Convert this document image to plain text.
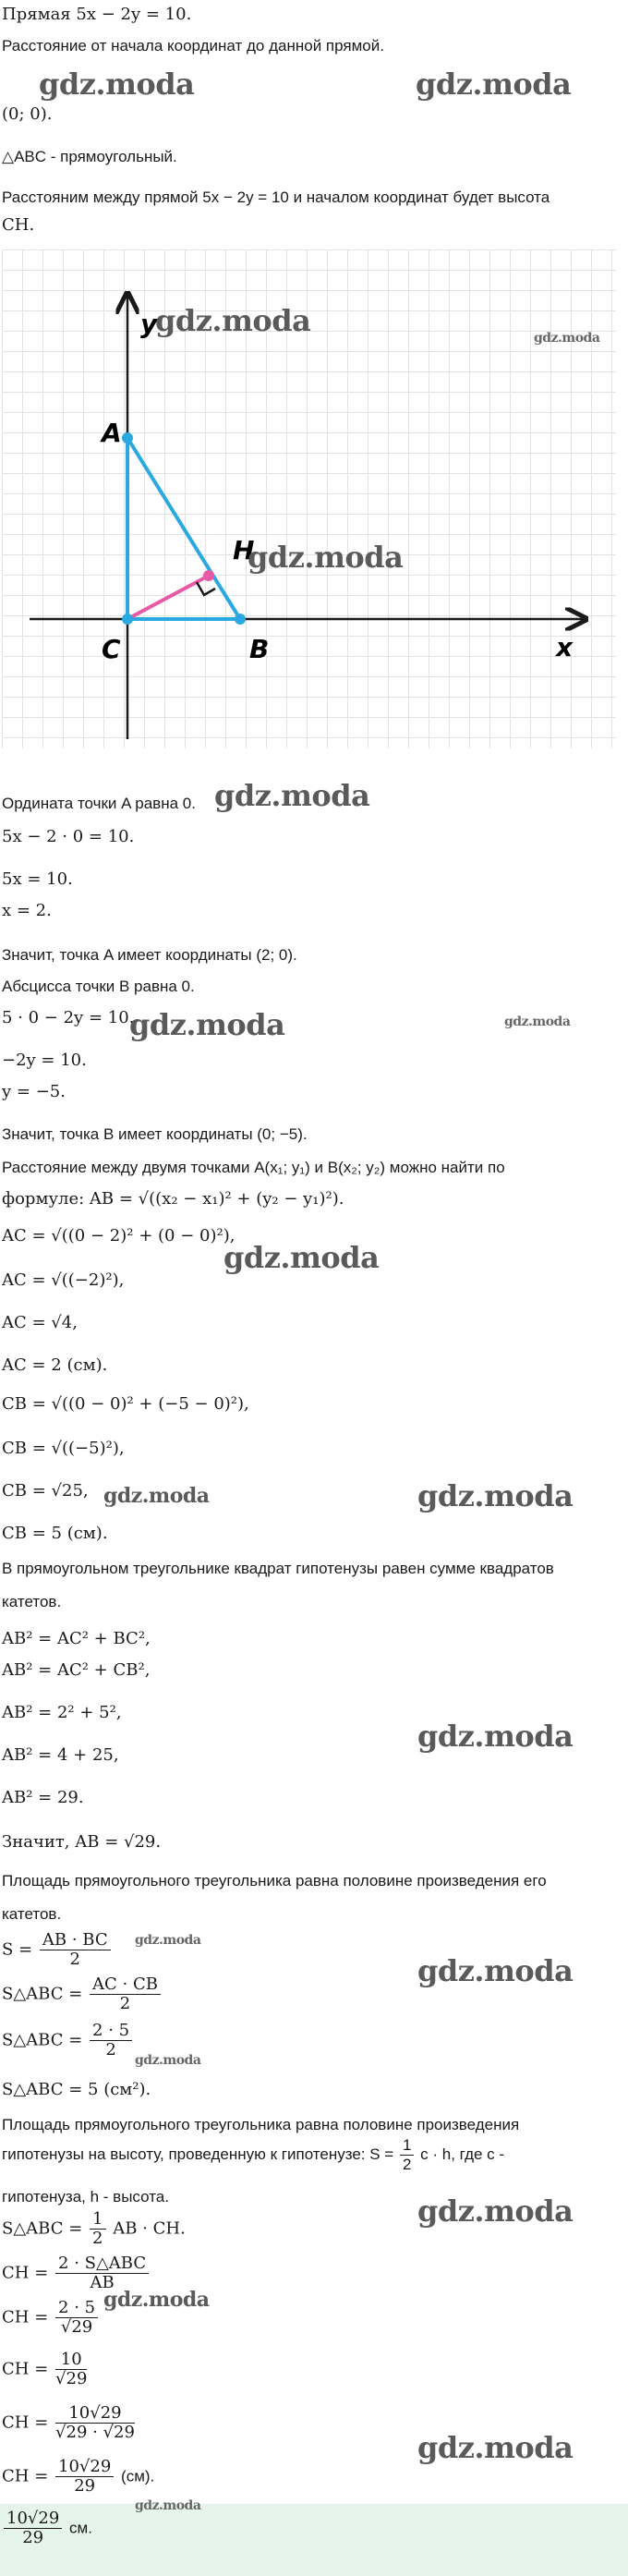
Прямая 5x − 2y = 10.
Расстояние от начала координат до данной прямой.
(0; 0).
△ABC - прямоугольный.
Расстояним между прямой 5x − 2y = 10 и началом координат будет высота
CH.
y
x
A
B
C
H
Ордината точки A равна 0.
5x − 2 · 0 = 10.
5x = 10.
x = 2.
Значит, точка A имеет координаты (2; 0).
Абсцисса точки B равна 0.
5 · 0 − 2y = 10.
−2y = 10.
y = −5.
Значит, точка B имеет координаты (0; −5).
Расстояние между двумя точками A(x₁; y₁) и B(x₂; y₂) можно найти по
формуле: AB = √((x₂ − x₁)² + (y₂ − y₁)²).
AC = √((0 − 2)² + (0 − 0)²),
AC = √((−2)²),
AC = √4,
AC = 2 (см).
CB = √((0 − 0)² + (−5 − 0)²),
CB = √((−5)²),
CB = √25,
CB = 5 (см).
В прямоугольном треугольнике квадрат гипотенузы равен сумме квадратов
катетов.
AB² = AC² + BC²,
AB² = AC² + CB²,
AB² = 2² + 5²,
AB² = 4 + 25,
AB² = 29.
Значит, AB = √29.
Площадь прямоугольного треугольника равна половине произведения его
катетов.
$S = \frac{AB \cdot BC}{2}$
S△ABC = $\frac{AC \cdot CB}{2}$
S△ABC = $\frac{2 \cdot 5}{2}$
S△ABC = 5 (см²).
Площадь прямоугольного треугольника равна половине произведения
гипотенузы на высоту, проведенную к гипотенузе: $S = \frac{1}{2}$ c · h, где c -
гипотенуза, h - высота.
S△ABC = $\frac{1}{2}$ AB · CH.
CH = $\frac{\text{2 · S△ABC}}{AB}$
CH = $\frac{2 \cdot 5}{√29}$
CH = $\frac{10}{√29}$
CH = $\frac{10√29}{√29 \cdot √29}$
CH = $\frac{10√29}{29} (см)$.
$\frac{10√29}{29}$ см.
gdz.moda	gdz.moda
gdz.moda	gdz.moda
gdz.moda
gdz.moda
gdz.moda	gdz.moda
gdz.moda
gdz.moda	gdz.moda
gdz.moda
gdz.moda
gdz.moda
gdz.moda
gdz.moda
gdz.moda
gdz.moda
gdz.moda
